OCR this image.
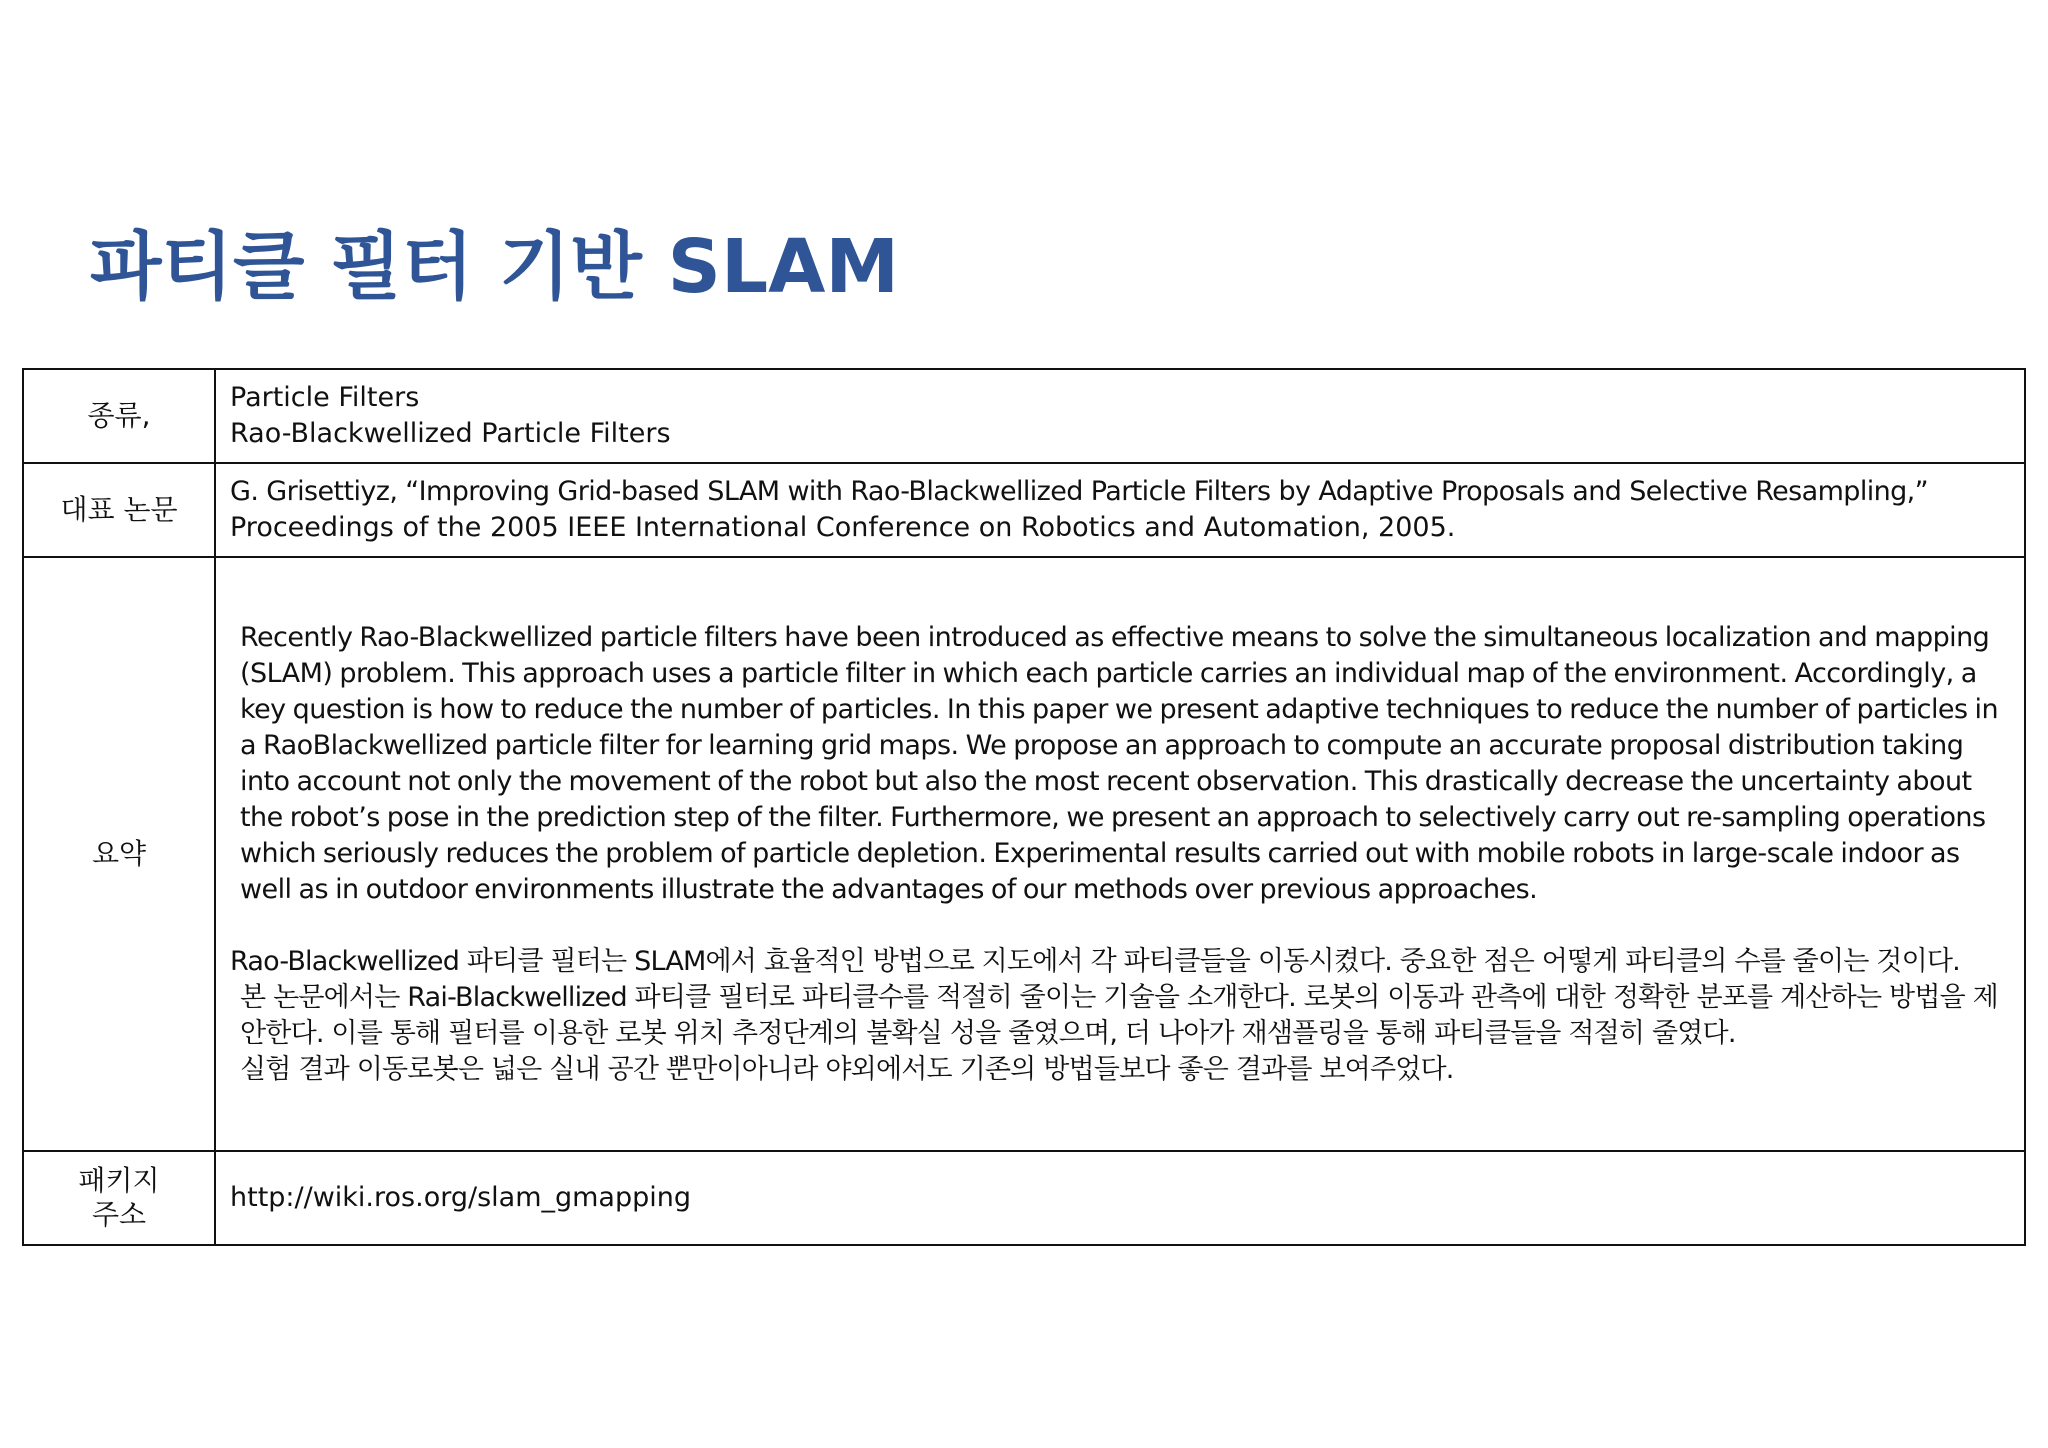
파티클 필터 기반 SLAM
종류,	Particle Filters
Rao-Blackwellized Particle Filters

대표 논문	G. Grisettiyz, “Improving Grid-based SLAM with Rao-Blackwellized Particle Filters by Adaptive Proposals and Selective Resampling,”
Proceedings of the 2005 IEEE International Conference on Robotics and Automation, 2005.

요약	Recently Rao-Blackwellized particle filters have been introduced as effective means to solve the simultaneous localization and mapping (SLAM) problem. This approach uses a particle filter in which each particle carries an individual map of the environment. Accordingly, a key question is how to reduce the number of particles. In this paper we present adaptive techniques to reduce the number of particles in a RaoBlackwellized particle filter for learning grid maps. We propose an approach to compute an accurate proposal distribution taking into account not only the movement of the robot but also the most recent observation. This drastically decrease the uncertainty about the robot’s pose in the prediction step of the filter. Furthermore, we present an approach to selectively carry out re-sampling operations which seriously reduces the problem of particle depletion. Experimental results carried out with mobile robots in large-scale indoor as well as in outdoor environments illustrate the advantages of our methods over previous approaches.
Rao-Blackwellized 파티클 필터는 SLAM에서 효율적인 방법으로 지도에서 각 파티클들을 이동시켰다. 중요한 점은 어떻게 파티클의 수를 줄이는 것이다.
본 논문에서는 Rai-Blackwellized 파티클 필터로 파티클수를 적절히 줄이는 기술을 소개한다. 로봇의 이동과 관측에 대한 정확한 분포를 계산하는 방법을 제안한다. 이를 통해 필터를 이용한 로봇 위치 추정단계의 불확실 성을 줄였으며, 더 나아가 재샘플링을 통해 파티클들을 적절히 줄였다.
실험 결과 이동로봇은 넓은 실내 공간 뿐만이아니라 야외에서도 기존의 방법들보다 좋은 결과를 보여주었다.

패키지
주소	http://wiki.ros.org/slam_gmapping
